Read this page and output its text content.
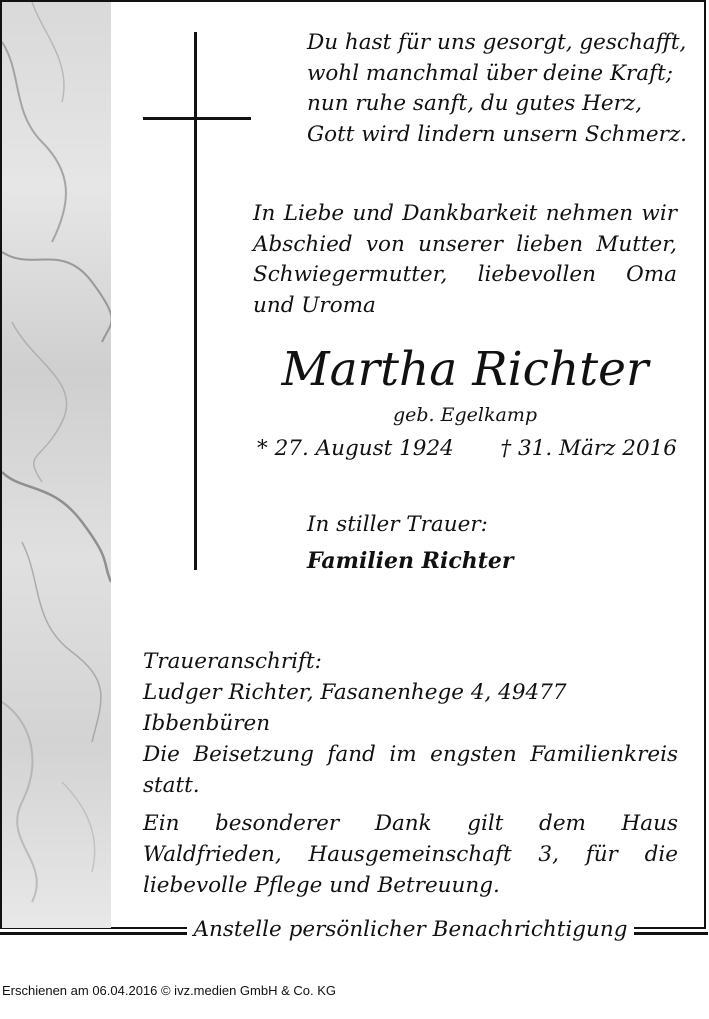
Du hast für uns gesorgt, geschafft,
wohl manchmal über deine Kraft;
nun ruhe sanft, du gutes Herz,
Gott wird lindern unsern Schmerz.
In Liebe und Dankbarkeit nehmen wir Abschied von unserer lieben Mutter, Schwiegermutter, liebevollen Oma und Uroma
Martha Richter
geb. Egelkamp
* 27. August 1924 † 31. März 2016
In stiller Trauer:
Familien Richter
Traueranschrift:
Ludger Richter, Fasanenhege 4, 49477 Ibbenbüren
Die Beisetzung fand im engsten Familienkreis statt.
Ein besonderer Dank gilt dem Haus Waldfrieden, Hausgemeinschaft 3, für die liebevolle Pflege und Betreuung.
Anstelle persönlicher Benachrichtigung
Erschienen am 06.04.2016 © ivz.medien GmbH & Co. KG
